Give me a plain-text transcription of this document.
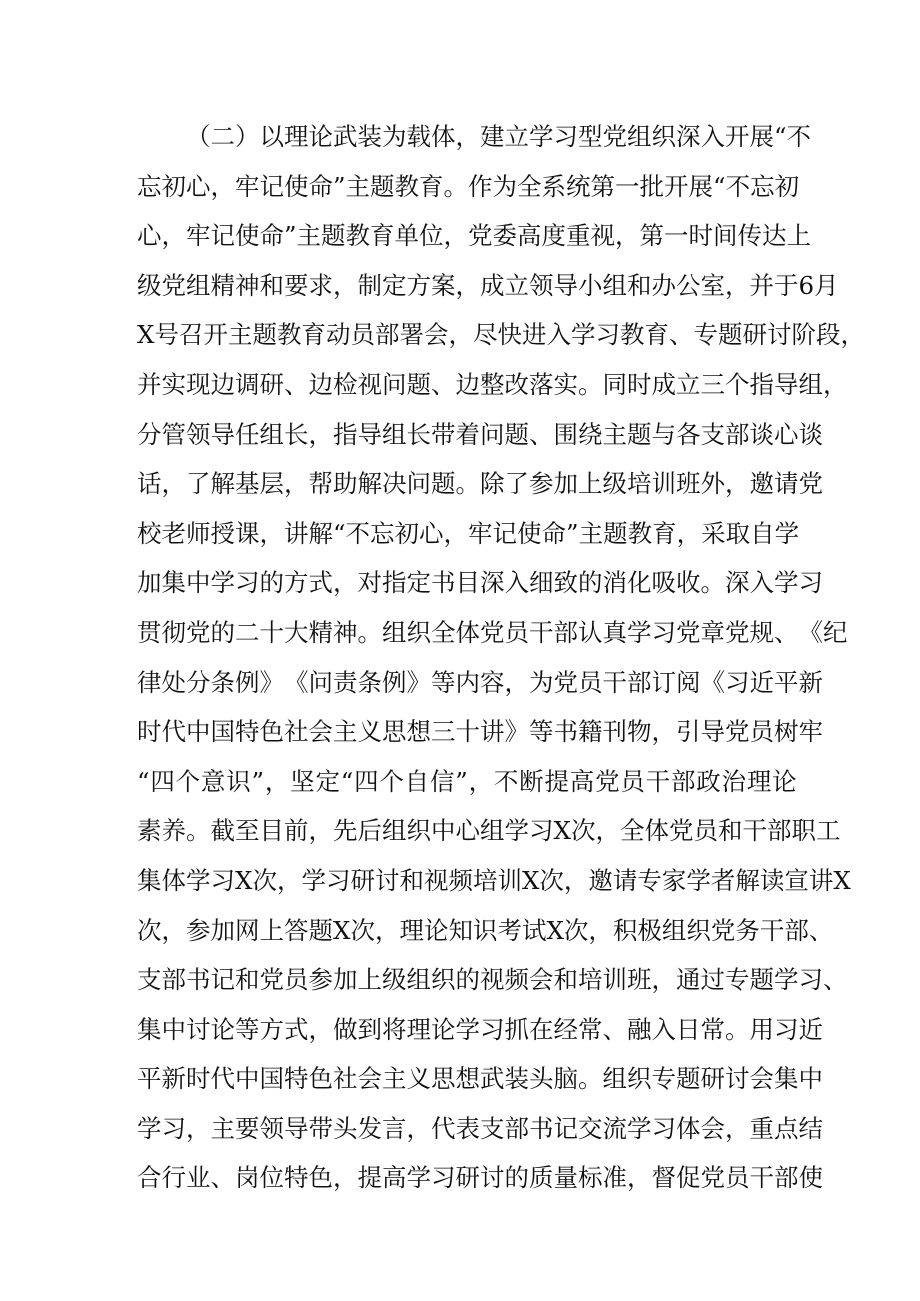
（ 二 ） 以 理 论 武 装 为 载 体 ， 建 立 学 习 型 党 组 织 深 入 开 展 “ 不
忘 初 心 ， 牢 记 使 命 ” 主 题 教 育 。 作 为 全 系 统 第 一 批 开 展 “ 不 忘 初
心 ， 牢 记 使 命 ” 主 题 教 育 单 位 ， 党 委 高 度 重 视 ， 第 一 时 间 传 达 上
级 党 组 精 神 和 要 求 ， 制 定 方 案 ， 成 立 领 导 小 组 和 办 公 室 ， 并 于 6 月
X 号 召 开 主 题 教 育 动 员 部 署 会 ， 尽 快 进 入 学 习 教 育 、 专 题 研 讨 阶 段 ，
并 实 现 边 调 研 、 边 检 视 问 题 、 边 整 改 落 实 。 同 时 成 立 三 个 指 导 组 ，
分 管 领 导 任 组 长 ， 指 导 组 长 带 着 问 题 、 围 绕 主 题 与 各 支 部 谈 心 谈
话 ， 了 解 基 层 ， 帮 助 解 决 问 题 。 除 了 参 加 上 级 培 训 班 外 ， 邀 请 党
校 老 师 授 课 ， 讲 解 “ 不 忘 初 心 ， 牢 记 使 命 ” 主 题 教 育 ， 采 取 自 学
加 集 中 学 习 的 方 式 ， 对 指 定 书 目 深 入 细 致 的 消 化 吸 收 。 深 入 学 习
贯 彻 党 的 二 十 大 精 神 。 组 织 全 体 党 员 干 部 认 真 学 习 党 章 党 规 、 《 纪
律 处 分 条 例 》 《 问 责 条 例 》 等 内 容 ， 为 党 员 干 部 订 阅 《 习 近 平 新
时 代 中 国 特 色 社 会 主 义 思 想 三 十 讲 》 等 书 籍 刊 物 ， 引 导 党 员 树 牢
“ 四 个 意 识 ” ， 坚 定 “ 四 个 自 信 ” ， 不 断 提 高 党 员 干 部 政 治 理 论
素 养 。 截 至 目 前 ， 先 后 组 织 中 心 组 学 习 X 次 ， 全 体 党 员 和 干 部 职 工
集 体 学 习 X 次 ， 学 习 研 讨 和 视 频 培 训 X 次 ， 邀 请 专 家 学 者 解 读 宣 讲 X
次 ， 参 加 网 上 答 题 X 次 ， 理 论 知 识 考 试 X 次 ， 积 极 组 织 党 务 干 部 、
支 部 书 记 和 党 员 参 加 上 级 组 织 的 视 频 会 和 培 训 班 ， 通 过 专 题 学 习 、
集 中 讨 论 等 方 式 ， 做 到 将 理 论 学 习 抓 在 经 常 、 融 入 日 常 。 用 习 近
平 新 时 代 中 国 特 色 社 会 主 义 思 想 武 装 头 脑 。 组 织 专 题 研 讨 会 集 中
学 习 ， 主 要 领 导 带 头 发 言 ， 代 表 支 部 书 记 交 流 学 习 体 会 ， 重 点 结
合 行 业 、 岗 位 特 色 ， 提 高 学 习 研 讨 的 质 量 标 准 ， 督 促 党 员 干 部 使
